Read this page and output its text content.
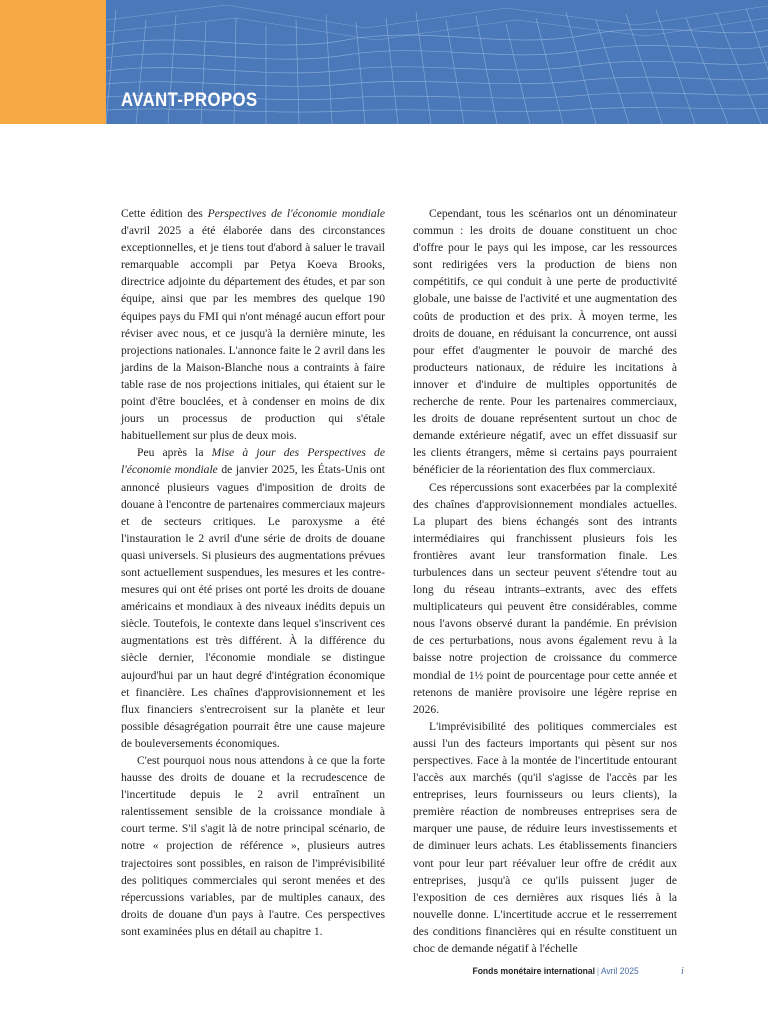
AVANT-PROPOS

Cette édition des Perspectives de l'économie mondiale d'avril 2025 a été élaborée dans des circonstances exceptionnelles, et je tiens tout d'abord à saluer le travail remarquable accompli par Petya Koeva Brooks, directrice adjointe du département des études, et par son équipe, ainsi que par les membres des quelque 190 équipes pays du FMI qui n'ont ménagé aucun effort pour réviser avec nous, et ce jusqu'à la dernière minute, les projections nationales. L'annonce faite le 2 avril dans les jardins de la Maison-Blanche nous a contraints à faire table rase de nos projections initiales, qui étaient sur le point d'être bouclées, et à condenser en moins de dix jours un processus de production qui s'étale habituellement sur plus de deux mois.

Peu après la Mise à jour des Perspectives de l'économie mondiale de janvier 2025, les États-Unis ont annoncé plusieurs vagues d'imposition de droits de douane à l'encontre de partenaires commerciaux majeurs et de secteurs critiques. Le paroxysme a été l'instauration le 2 avril d'une série de droits de douane quasi universels. Si plusieurs des augmentations prévues sont actuellement suspendues, les mesures et les contre-mesures qui ont été prises ont porté les droits de douane américains et mondiaux à des niveaux inédits depuis un siècle. Toutefois, le contexte dans lequel s'inscrivent ces augmentations est très différent. À la différence du siècle dernier, l'économie mondiale se distingue aujourd'hui par un haut degré d'intégration économique et financière. Les chaînes d'approvisionnement et les flux financiers s'entrecroisent sur la planète et leur possible désagrégation pourrait être une cause majeure de bouleversements économiques.

C'est pourquoi nous nous attendons à ce que la forte hausse des droits de douane et la recrudescence de l'incertitude depuis le 2 avril entraînent un ralentissement sensible de la croissance mondiale à court terme. S'il s'agit là de notre principal scénario, de notre « projection de référence », plusieurs autres trajectoires sont possibles, en raison de l'imprévisibilité des politiques commerciales qui seront menées et des répercussions variables, par de multiples canaux, des droits de douane d'un pays à l'autre. Ces perspectives sont examinées plus en détail au chapitre 1.

Cependant, tous les scénarios ont un dénominateur commun : les droits de douane constituent un choc d'offre pour le pays qui les impose, car les ressources sont redirigées vers la production de biens non compétitifs, ce qui conduit à une perte de productivité globale, une baisse de l'activité et une augmentation des coûts de production et des prix. À moyen terme, les droits de douane, en réduisant la concurrence, ont aussi pour effet d'augmenter le pouvoir de marché des producteurs nationaux, de réduire les incitations à innover et d'induire de multiples opportunités de recherche de rente. Pour les partenaires commerciaux, les droits de douane représentent surtout un choc de demande extérieure négatif, avec un effet dissuasif sur les clients étrangers, même si certains pays pourraient bénéficier de la réorientation des flux commerciaux.

Ces répercussions sont exacerbées par la complexité des chaînes d'approvisionnement mondiales actuelles. La plupart des biens échangés sont des intrants intermédiaires qui franchissent plusieurs fois les frontières avant leur transformation finale. Les turbulences dans un secteur peuvent s'étendre tout au long du réseau intrants–extrants, avec des effets multiplicateurs qui peuvent être considérables, comme nous l'avons observé durant la pandémie. En prévision de ces perturbations, nous avons également revu à la baisse notre projection de croissance du commerce mondial de 1½ point de pourcentage pour cette année et retenons de manière provisoire une légère reprise en 2026.

L'imprévisibilité des politiques commerciales est aussi l'un des facteurs importants qui pèsent sur nos perspectives. Face à la montée de l'incertitude entourant l'accès aux marchés (qu'il s'agisse de l'accès par les entreprises, leurs fournisseurs ou leurs clients), la première réaction de nombreuses entreprises sera de marquer une pause, de réduire leurs investissements et de diminuer leurs achats. Les établissements financiers vont pour leur part réévaluer leur offre de crédit aux entreprises, jusqu'à ce qu'ils puissent juger de l'exposition de ces dernières aux risques liés à la nouvelle donne. L'incertitude accrue et le resserrement des conditions financières qui en résulte constituent un choc de demande négatif à l'échelle

Fonds monétaire international | Avril 2025	i
